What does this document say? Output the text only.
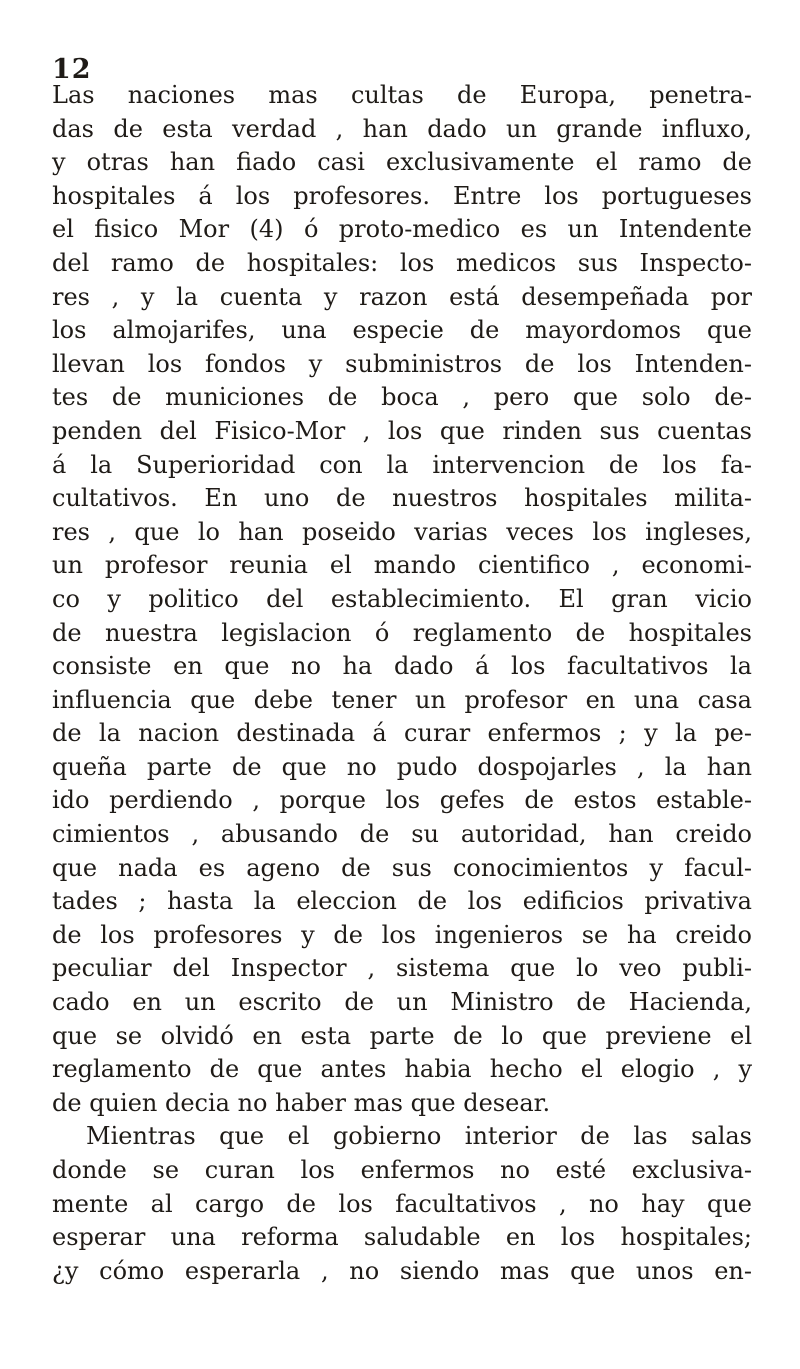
12
Las naciones mas cultas de Europa, penetra-
das de esta verdad , han dado un grande influxo,
y otras han fiado casi exclusivamente el ramo de
hospitales á los profesores. Entre los portugueses
el fisico Mor (4) ó proto-medico es un Intendente
del ramo de hospitales: los medicos sus Inspecto-
res , y la cuenta y razon está desempeñada por
los almojarifes, una especie de mayordomos que
llevan los fondos y subministros de los Intenden-
tes de municiones de boca , pero que solo de-
penden del Fisico-Mor , los que rinden sus cuentas
á la Superioridad con la intervencion de los fa-
cultativos. En uno de nuestros hospitales milita-
res , que lo han poseido varias veces los ingleses,
un profesor reunia el mando cientifico , economi-
co y politico del establecimiento. El gran vicio
de nuestra legislacion ó reglamento de hospitales
consiste en que no ha dado á los facultativos la
influencia que debe tener un profesor en una casa
de la nacion destinada á curar enfermos ; y la pe-
queña parte de que no pudo dospojarles , la han
ido perdiendo , porque los gefes de estos estable-
cimientos , abusando de su autoridad, han creido
que nada es ageno de sus conocimientos y facul-
tades ; hasta la eleccion de los edificios privativa
de los profesores y de los ingenieros se ha creido
peculiar del Inspector , sistema que lo veo publi-
cado en un escrito de un Ministro de Hacienda,
que se olvidó en esta parte de lo que previene el
reglamento de que antes habia hecho el elogio , y
de quien decia no haber mas que desear.
Mientras que el gobierno interior de las salas
donde se curan los enfermos no esté exclusiva-
mente al cargo de los facultativos , no hay que
esperar una reforma saludable en los hospitales;
¿y cómo esperarla , no siendo mas que unos en-
